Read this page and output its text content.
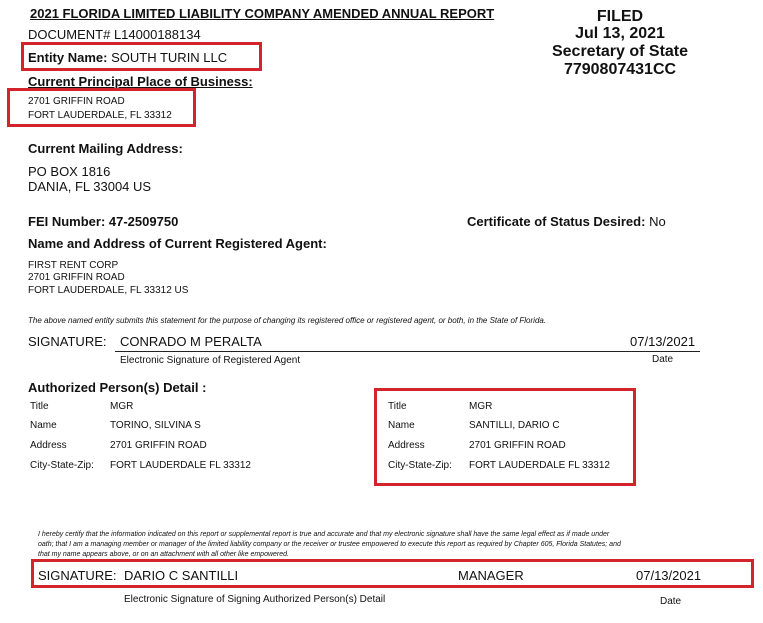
2021 FLORIDA LIMITED LIABILITY COMPANY AMENDED ANNUAL REPORT
DOCUMENT# L14000188134
FILED
Jul 13, 2021
Secretary of State
7790807431CC
Entity Name: SOUTH TURIN LLC
Current Principal Place of Business:
2701 GRIFFIN ROAD
FORT LAUDERDALE, FL 33312
Current Mailing Address:
PO BOX 1816
DANIA, FL 33004 US
FEI Number: 47-2509750	Certificate of Status Desired: No
Name and Address of Current Registered Agent:
FIRST RENT CORP
2701 GRIFFIN ROAD
FORT LAUDERDALE, FL 33312 US
The above named entity submits this statement for the purpose of changing its registered office or registered agent, or both, in the State of Florida.
SIGNATURE: CONRADO M PERALTA	07/13/2021
Electronic Signature of Registered Agent	Date
Authorized Person(s) Detail :
Title	MGR
Name	TORINO, SILVINA S
Address	2701 GRIFFIN ROAD
City-State-Zip: FORT LAUDERDALE FL 33312
Title	MGR
Name	SANTILLI, DARIO C
Address	2701 GRIFFIN ROAD
City-State-Zip: FORT LAUDERDALE FL 33312
I hereby certify that the information indicated on this report or supplemental report is true and accurate and that my electronic signature shall have the same legal effect as if made under
oath; that I am a managing member or manager of the limited liability company or the receiver or trustee empowered to execute this report as required by Chapter 605, Florida Statutes; and
that my name appears above, or on an attachment with all other like empowered.
SIGNATURE: DARIO C SANTILLI	MANAGER	07/13/2021
Electronic Signature of Signing Authorized Person(s) Detail	Date
